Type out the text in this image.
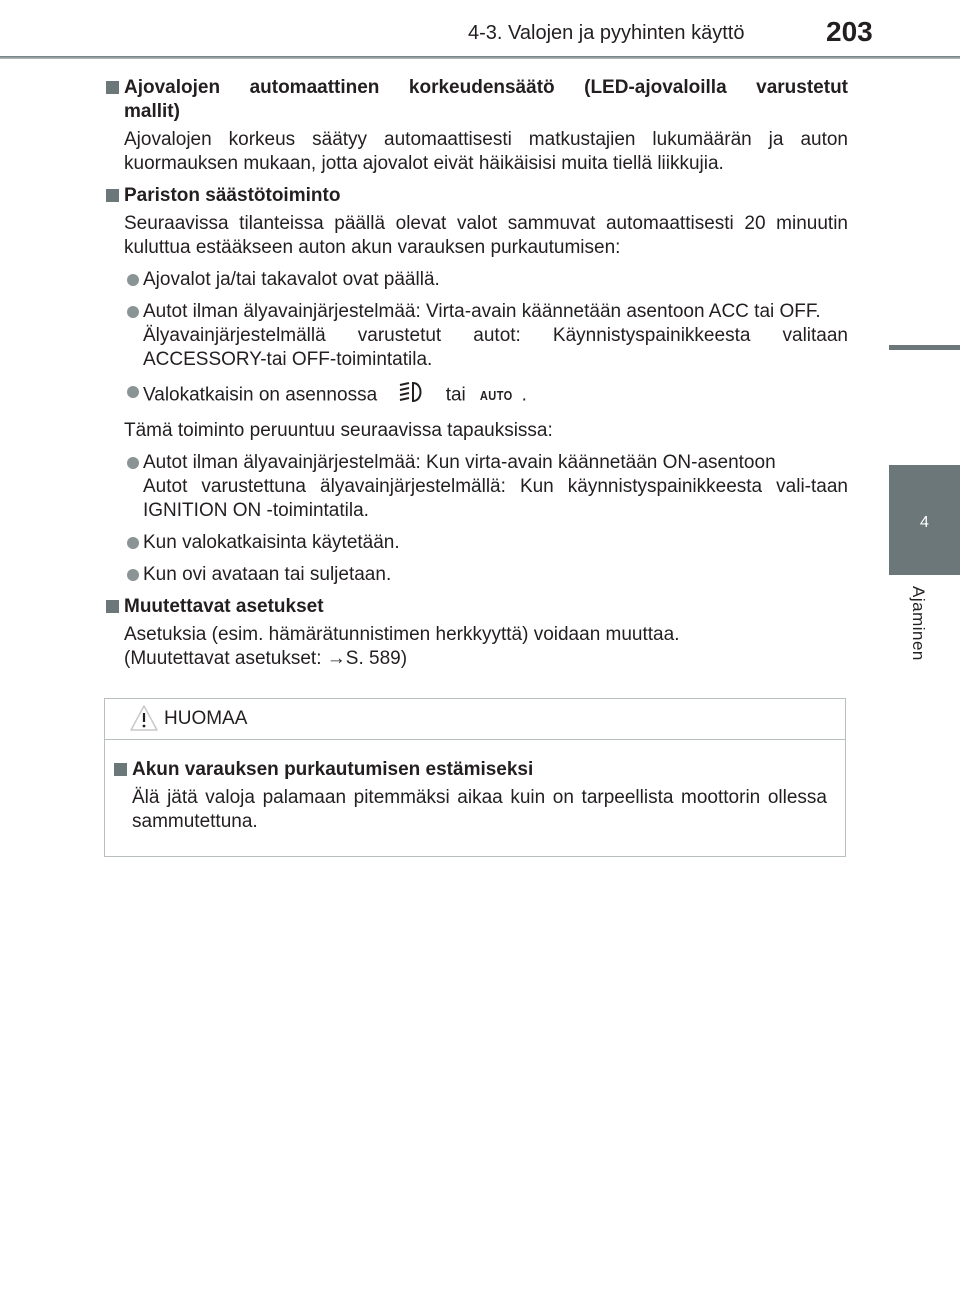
4-3. Valojen ja pyyhinten käyttö	203
4
Ajaminen
Ajovalojen automaattinen korkeudensäätö (LED-ajovaloilla varustetut
mallit)
Ajovalojen korkeus säätyy automaattisesti matkustajien lukumäärän ja auton kuormauksen mukaan, jotta ajovalot eivät häikäisisi muita tiellä liikkujia.
Pariston säästötoiminto
Seuraavissa tilanteissa päällä olevat valot sammuvat automaattisesti 20 minuutin kuluttua estääkseen auton akun varauksen purkautumisen:
Ajovalot ja/tai takavalot ovat päällä.
Autot ilman älyavainjärjestelmää: Virta-avain käännetään asentoon ACC tai OFF.
Älyavainjärjestelmällä varustetut autot: Käynnistyspainikkeesta valitaan ACCESSORY-tai OFF-toimintatila.
Valokatkaisin on asennossa	tai AUTO .
Tämä toiminto peruuntuu seuraavissa tapauksissa:
Autot ilman älyavainjärjestelmää: Kun virta-avain käännetään ON-asentoon
Autot varustettuna älyavainjärjestelmällä: Kun käynnistyspainikkeesta vali-taan IGNITION ON -toimintatila.
Kun valokatkaisinta käytetään.
Kun ovi avataan tai suljetaan.
Muutettavat asetukset
Asetuksia (esim. hämärätunnistimen herkkyyttä) voidaan muuttaa.
(Muutettavat asetukset: →S. 589)
HUOMAA
Akun varauksen purkautumisen estämiseksi
Älä jätä valoja palamaan pitemmäksi aikaa kuin on tarpeellista moottorin ollessa sammutettuna.
